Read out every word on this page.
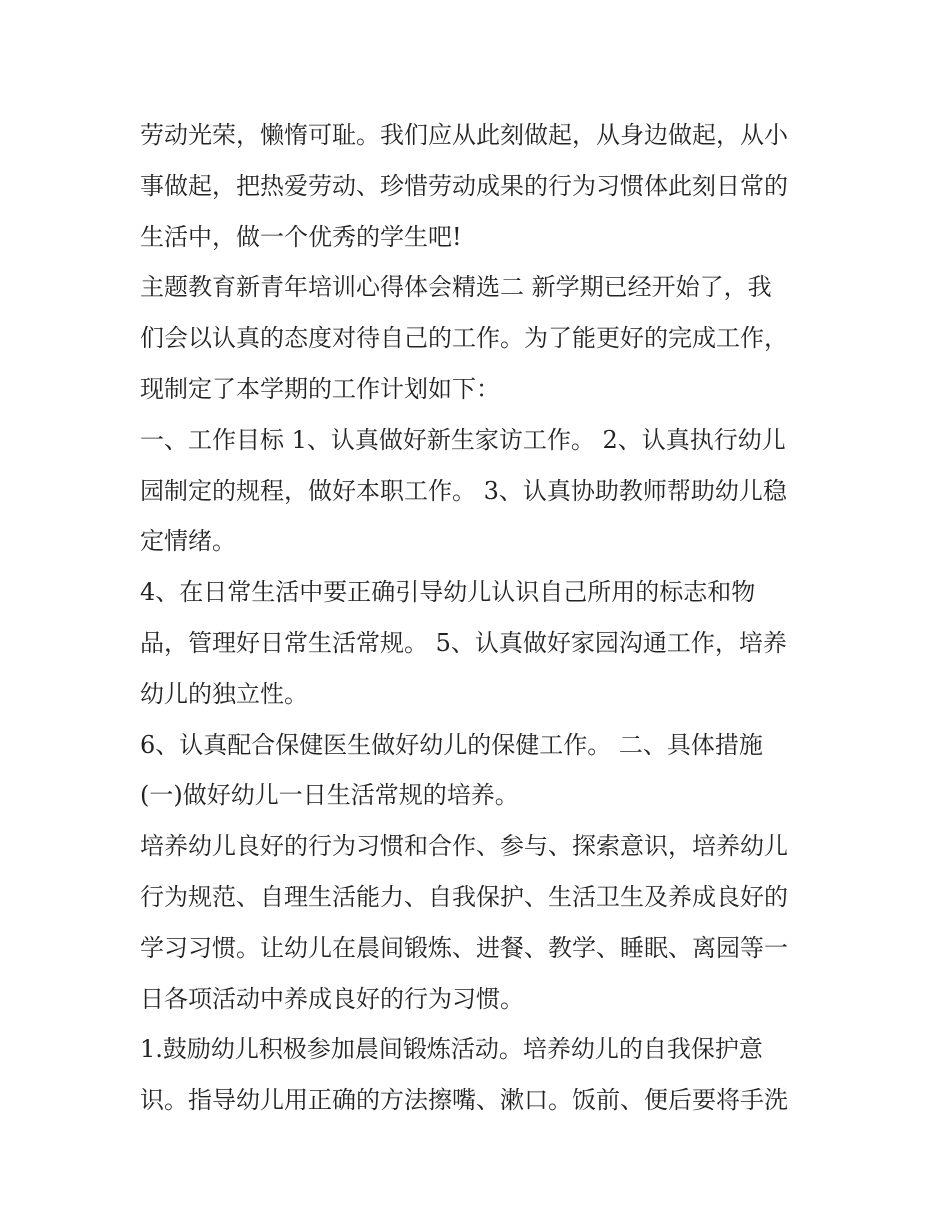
劳动光荣，懒惰可耻。我们应从此刻做起，从身边做起，从小
事做起，把热爱劳动、珍惜劳动成果的行为习惯体此刻日常的
生活中，做一个优秀的学生吧!
主题教育新青年培训心得体会精选二 新学期已经开始了，我
们会以认真的态度对待自己的工作。为了能更好的完成工作，
现制定了本学期的工作计划如下：
一、工作目标 1、认真做好新生家访工作。 2、认真执行幼儿
园制定的规程，做好本职工作。 3、认真协助教师帮助幼儿稳
定情绪。
4、在日常生活中要正确引导幼儿认识自己所用的标志和物
品，管理好日常生活常规。 5、认真做好家园沟通工作，培养
幼儿的独立性。
6、认真配合保健医生做好幼儿的保健工作。 二、具体措施
(一)做好幼儿一日生活常规的培养。
培养幼儿良好的行为习惯和合作、参与、探索意识，培养幼儿
行为规范、自理生活能力、自我保护、生活卫生及养成良好的
学习习惯。让幼儿在晨间锻炼、进餐、教学、睡眠、离园等一
日各项活动中养成良好的行为习惯。
1.鼓励幼儿积极参加晨间锻炼活动。培养幼儿的自我保护意
识。指导幼儿用正确的方法擦嘴、漱口。饭前、便后要将手洗
